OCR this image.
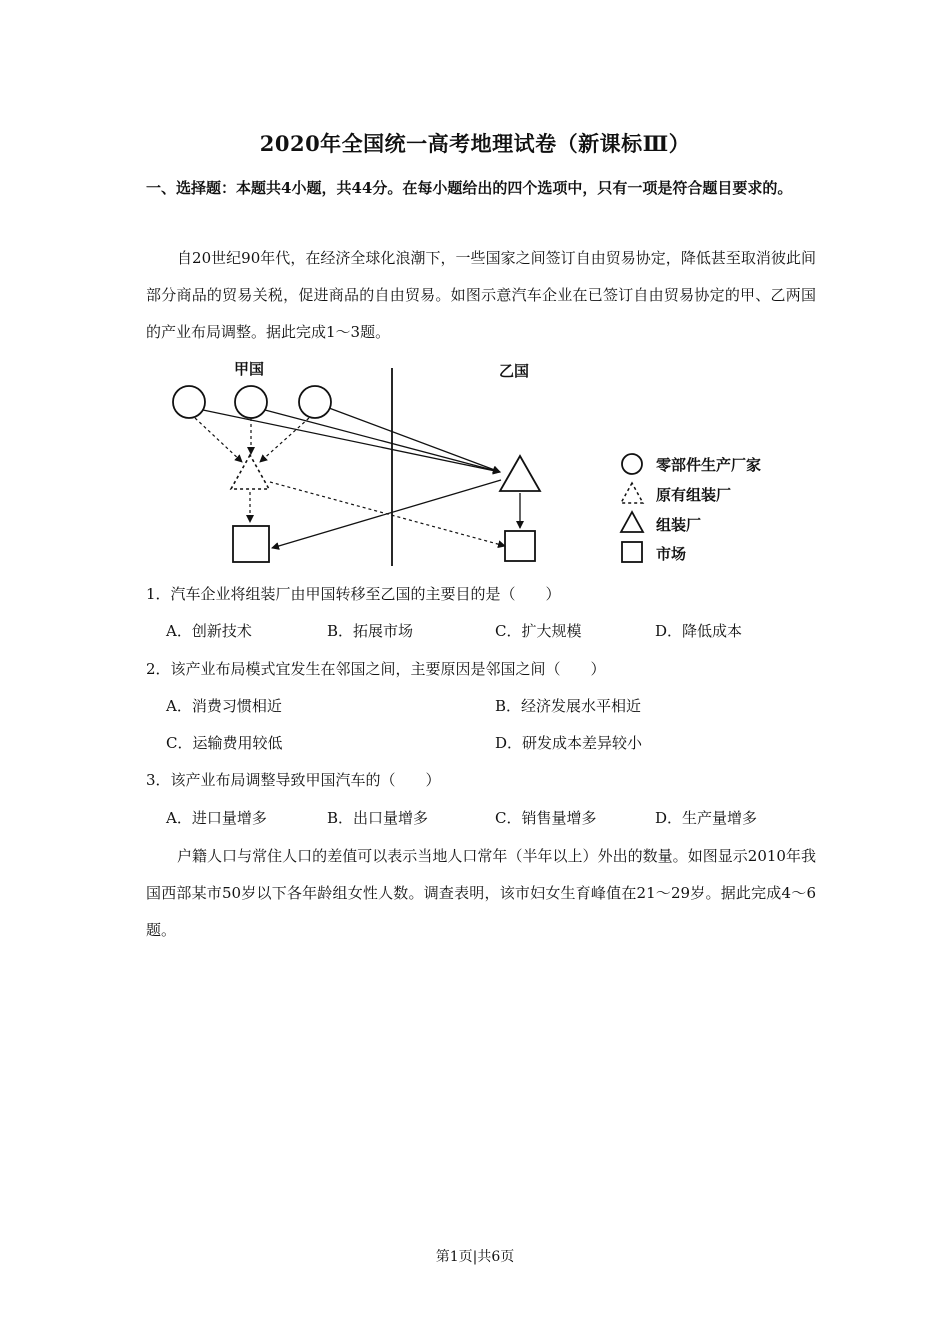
2020年全国统一高考地理试卷（新课标Ⅲ）
一、选择题：本题共4小题，共44分。在每小题给出的四个选项中，只有一项是符合题目要求的。
自20世纪90年代，在经济全球化浪潮下，一些国家之间签订自由贸易协定，降低甚至取消彼此间部分商品的贸易关税，促进商品的自由贸易。如图示意汽车企业在已签订自由贸易协定的甲、乙两国的产业布局调整。据此完成1～3题。
甲国	乙国
零部件生产厂家
原有组装厂
组装厂
市场
1．汽车企业将组装厂由甲国转移至乙国的主要目的是（　　）
A．创新技术	B．拓展市场	C．扩大规模	D．降低成本
2．该产业布局模式宜发生在邻国之间，主要原因是邻国之间（　　）
A．消费习惯相近	B．经济发展水平相近
C．运输费用较低	D．研发成本差异较小
3．该产业布局调整导致甲国汽车的（　　）
A．进口量增多	B．出口量增多	C．销售量增多	D．生产量增多
户籍人口与常住人口的差值可以表示当地人口常年（半年以上）外出的数量。如图显示2010年我国西部某市50岁以下各年龄组女性人数。调查表明，该市妇女生育峰值在21～29岁。据此完成4～6题。
第1页|共6页
